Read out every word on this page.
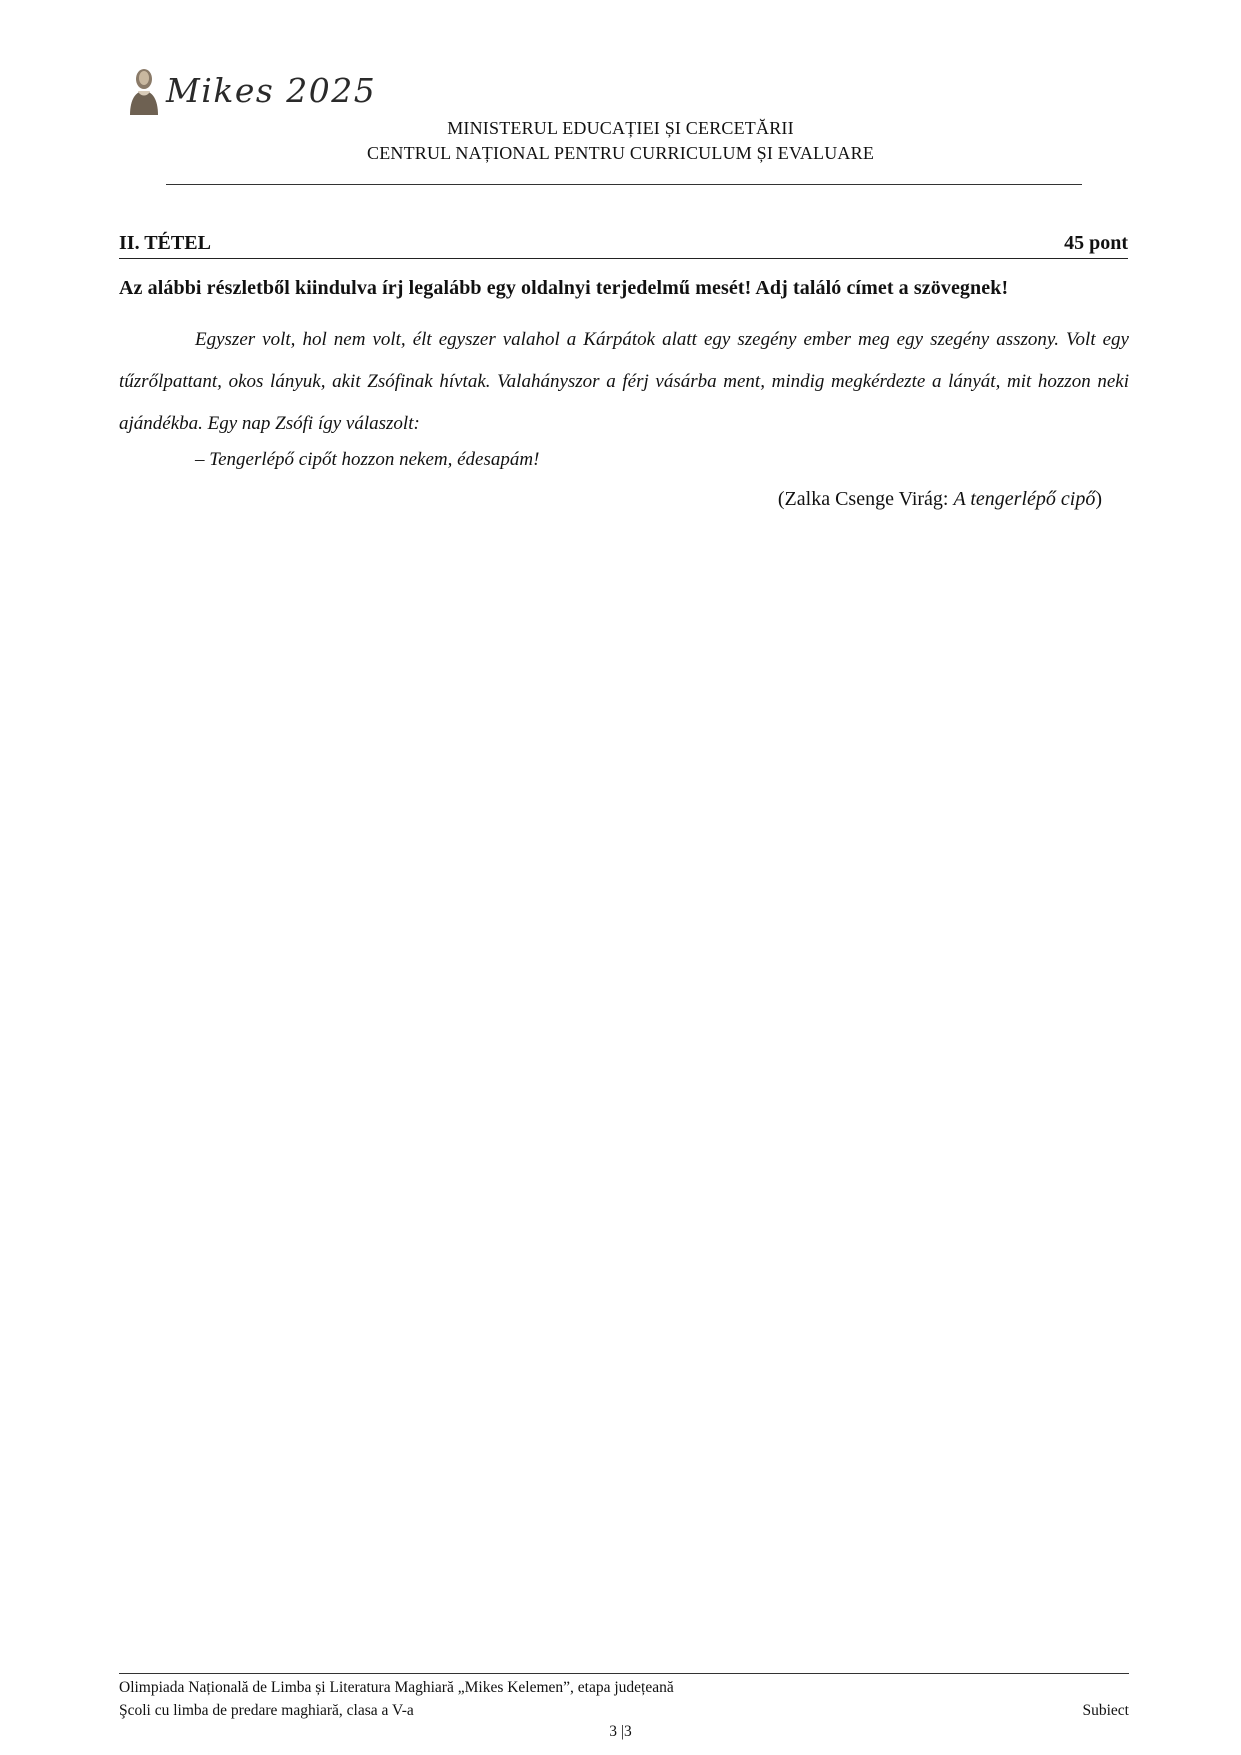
Mikes 2025
MINISTERUL EDUCAȚIEI ȘI CERCETĂRII
CENTRUL NAȚIONAL PENTRU CURRICULUM ȘI EVALUARE
II. TÉTEL	45 pont
Az alábbi részletből kiindulva írj legalább egy oldalnyi terjedelmű mesét! Adj találó címet a szövegnek!

Egyszer volt, hol nem volt, élt egyszer valahol a Kárpátok alatt egy szegény ember meg egy szegény asszony. Volt egy tűzrőlpattant, okos lányuk, akit Zsófinak hívtak. Valahányszor a férj vásárba ment, mindig megkérdezte a lányát, mit hozzon neki ajándékba. Egy nap Zsófi így válaszolt:

– Tengerlépő cipőt hozzon nekem, édesapám!
(Zalka Csenge Virág: A tengerlépő cipő)
Olimpiada Națională de Limba și Literatura Maghiară „Mikes Kelemen”, etapa județeană
Şcoli cu limba de predare maghiară, clasa a V-a	Subiect
3 |3
